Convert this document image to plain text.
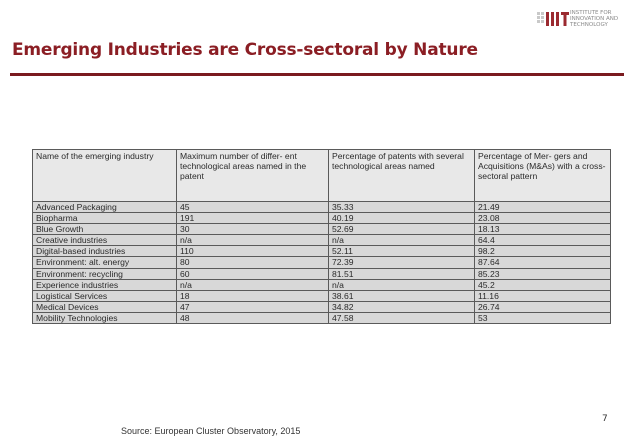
INSTITUTE FOR
INNOVATION AND
TECHNOLOGY
Emerging Industries are Cross-sectoral by Nature
Name of the emerging industry	Maximum number of differ- ent technological areas named in the patent	Percentage of patents with several technological areas named	Percentage of Mer- gers and Acquisitions (M&As) with a cross- sectoral pattern
Advanced Packaging	45	35.33	21.49
Biopharma	191	40.19	23.08
Blue Growth	30	52.69	18.13
Creative industries	n/a	n/a	64.4
Digital-based industries	110	52.11	98.2
Environment: alt. energy	80	72.39	87.64
Environment: recycling	60	81.51	85.23
Experience industries	n/a	n/a	45.2
Logistical Services	18	38.61	11.16
Medical Devices	47	34.82	26.74
Mobility Technologies	48	47.58	53
7
Source: European Cluster Observatory, 2015
